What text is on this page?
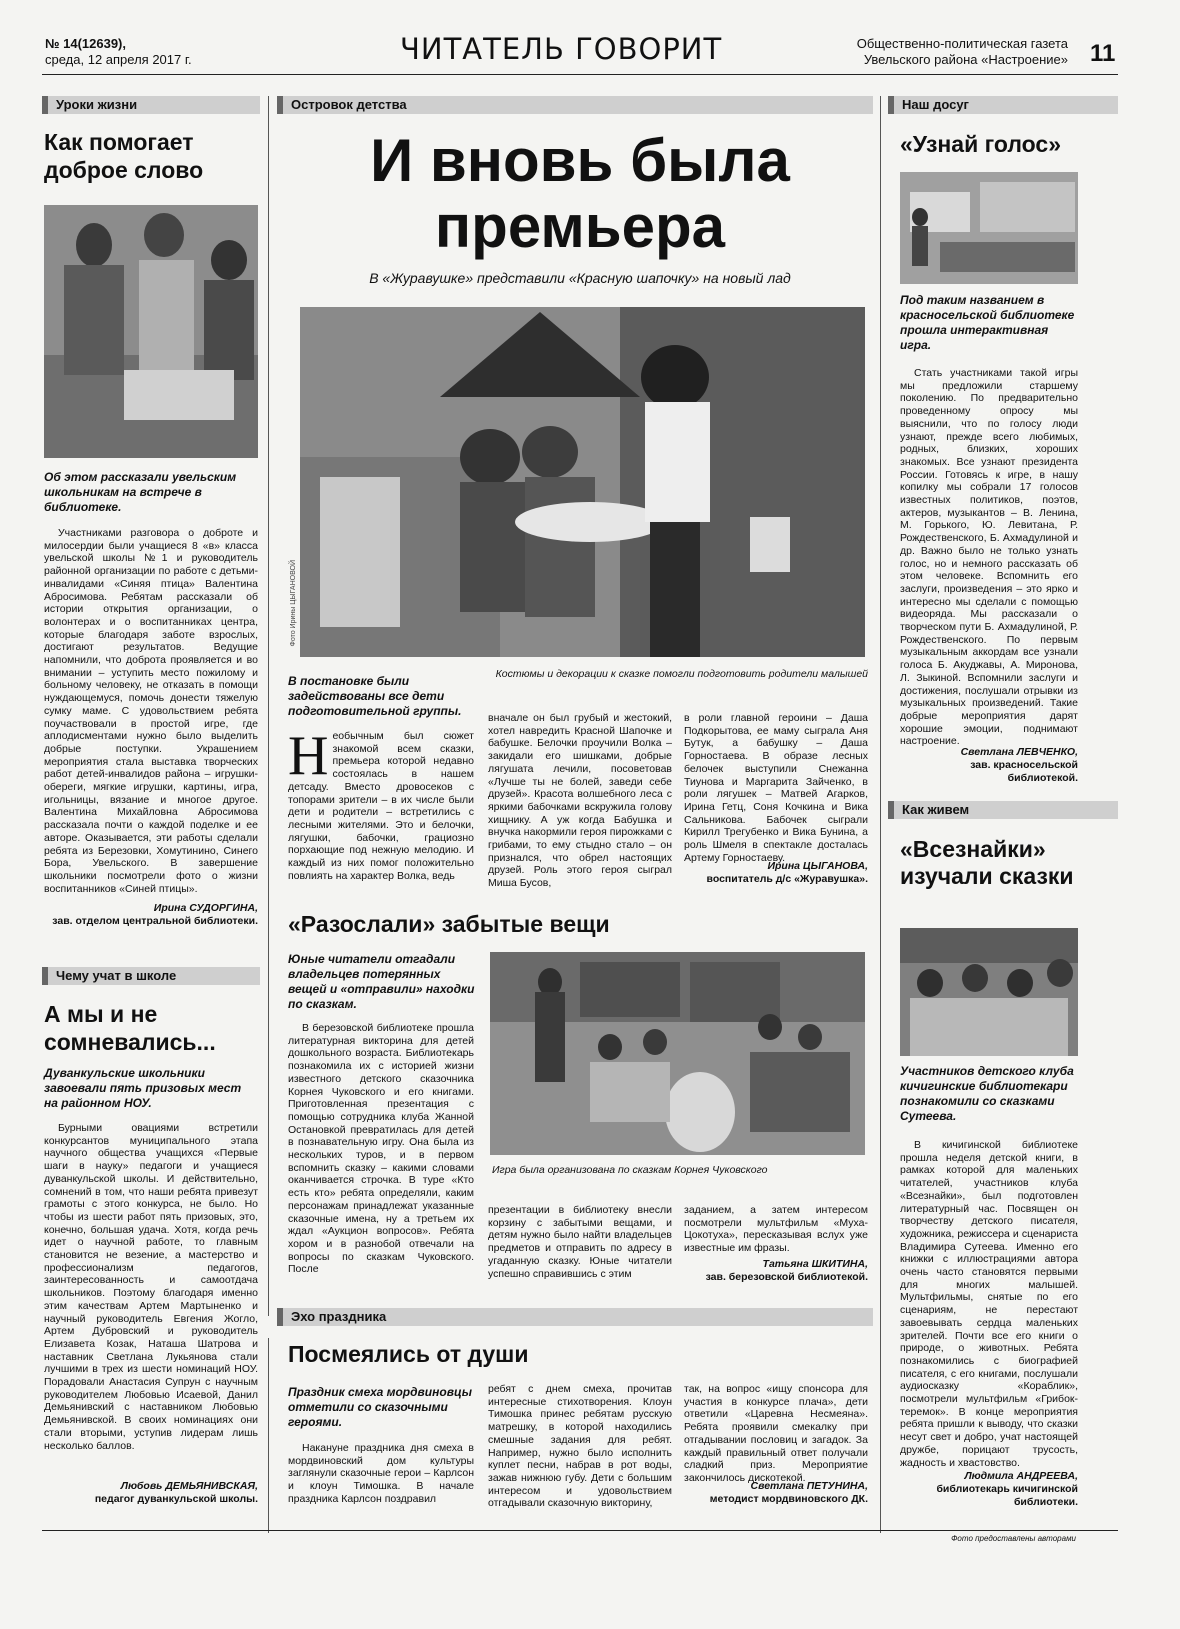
№ 14(12639),
среда, 12 апреля 2017 г.	ЧИТАТЕЛЬ ГОВОРИТ	Общественно-политическая газета
Увельского района «Настроение» 11
Уроки жизни
Как помогает доброе слово
Об этом рассказали увельским школьникам на встрече в библиотеке.

Участниками разговора о доброте и милосердии были учащиеся 8 «в» класса увельской школы №1 и руководитель районной организации по работе с детьми-инвалидами «Синяя птица» Валентина Абросимова. Ребятам рассказали об истории открытия организации, о волонтерах и о воспитанниках центра, которые благодаря заботе взрослых, достигают результатов. Ведущие напомнили, что доброта проявляется и во внимании – уступить место пожилому и больному человеку, не отказать в помощи нуждающемуся, помочь донести тяжелую сумку маме. С удовольствием ребята поучаствовали в простой игре, где аплодисментами нужно было выделить добрые поступки. Украшением мероприятия стала выставка творческих работ детей-инвалидов района – игрушки-обереги, мягкие игрушки, картины, игра, игольницы, вязание и многое другое. Валентина Михайловна Абросимова рассказала почти о каждой поделке и ее авторе. Оказывается, эти работы сделали ребята из Березовки, Хомутинино, Синего Бора, Увельского. В завершение школьники посмотрели фото о жизни воспитанников «Синей птицы».

Ирина СУДОРГИНА,
зав. отделом центральной библиотеки.
Чему учат в школе
А мы и не сомневались...
Дуванкульские школьники завоевали пять призовых мест на районном НОУ.

Бурными овациями встретили конкурсантов муниципального этапа научного общества учащихся «Первые шаги в науку» педагоги и учащиеся дуванкульской школы. И действительно, сомнений в том, что наши ребята привезут грамоты с этого конкурса, не было. Но чтобы из шести работ пять призовых, это, конечно, большая удача. Хотя, когда речь идет о научной работе, то главным становится не везение, а мастерство и профессионализм педагогов, заинтересованность и самоотдача школьников. Поэтому благодаря именно этим качествам Артем Мартыненко и научный руководитель Евгения Жогло, Артем Дубровский и руководитель Елизавета Козак, Наташа Шатрова и наставник Светлана Лукьянова стали лучшими в трех из шести номинаций НОУ. Порадовали Анастасия Супрун с научным руководителем Любовью Исаевой, Данил Демьянивский с наставником Любовью Демьянивской. В своих номинациях они стали вторыми, уступив лидерам лишь несколько баллов.

Любовь ДЕМЬЯНИВСКАЯ,
педагог дуванкульской школы.
Островок детства
И вновь была премьера
В «Журавушке» представили «Красную шапочку» на новый лад
Фото Ирины ЦЫГАНОВОЙ
Костюмы и декорации к сказке помогли подготовить родители малышей
В постановке были задействованы все дети подготовительной группы.
Необычным был сюжет знакомой всем сказки, премьера которой недавно состоялась в нашем детсаду. Вместо дровосеков с топорами зрители – в их числе были дети и родители – встретились с лесными жителями. Это и белочки, лягушки, бабочки, грациозно порхающие под нежную мелодию. И каждый из них помог положительно повлиять на характер Волка, ведь
вначале он был грубый и жестокий, хотел навредить Красной Шапочке и бабушке. Белочки проучили Волка – закидали его шишками, добрые лягушата лечили, посоветовав «Лучше ты не болей, заведи себе друзей». Красота волшебного леса с яркими бабочками вскружила голову хищнику. А уж когда Бабушка и внучка накормили героя пирожками с грибами, то ему стыдно стало – он признался, что обрел настоящих друзей. Роль этого героя сыграл Миша Бусов,
в роли главной героини – Даша Подкорытова, ее маму сыграла Аня Бутук, а бабушку – Даша Горностаева. В образе лесных белочек выступили Снежанна Тиунова и Маргарита Зайченко, в роли лягушек – Матвей Агарков, Ирина Гетц, Соня Кочкина и Вика Сальникова. Бабочек сыграли Кирилл Трегубенко и Вика Бунина, а роль Шмеля в спектакле досталась Артему Горностаеву.
Ирина ЦЫГАНОВА,
воспитатель д/с «Журавушка».
«Разослали» забытые вещи
Юные читатели отгадали владельцев потерянных вещей и «отправили» находки по сказкам.

В березовской библиотеке прошла литературная викторина для детей дошкольного возраста. Библиотекарь познакомила их с историей жизни известного детского сказочника Корнея Чуковского и его книгами. Приготовленная презентация с помощью сотрудника клуба Жанной Остановкой превратилась для детей в познавательную игру. Она была из нескольких туров, и в первом вспомнить сказку – какими словами оканчивается строчка. В туре «Кто есть кто» ребята определяли, каким персонажам принадлежат указанные сказочные имена, ну а третьем их ждал «Аукцион вопросов». Ребята хором и в разнобой отвечали на вопросы по сказкам Чуковского. После

Игра была организована по сказкам Корнея Чуковского
презентации в библиотеку внесли корзину с забытыми вещами, и детям нужно было найти владельцев предметов и отправить по адресу в угаданную сказку. Юные читатели успешно справившись с этим
заданием, а затем интересом посмотрели мультфильм «Муха-Цокотуха», пересказывая вслух уже известные им фразы.
Татьяна ШКИТИНА,
зав. березовской библиотекой.
Эхо праздника
Посмеялись от души
Праздник смеха мордвиновцы отметили со сказочными героями.

Накануне праздника дня смеха в мордвиновский дом культуры заглянули сказочные герои – Карлсон и клоун Тимошка. В начале праздника Карлсон поздравил

ребят с днем смеха, прочитав интересные стихотворения. Клоун Тимошка принес ребятам русскую матрешку, в которой находились смешные задания для ребят. Например, нужно было исполнить куплет песни, набрав в рот воды, зажав нижнюю губу. Дети с большим интересом и удовольствием отгадывали сказочную викторину,
так, на вопрос «ищу спонсора для участия в конкурсе плача», дети ответили «Царевна Несмеяна». Ребята проявили смекалку при отгадывании пословиц и загадок. За каждый правильный ответ получали сладкий приз. Мероприятие закончилось дискотекой.
Светлана ПЕТУНИНА,
методист мордвиновского ДК.
Наш досуг
«Узнай голос»
Под таким названием в красносельской библиотеке прошла интерактивная игра.

Стать участниками такой игры мы предложили старшему поколению. По предварительно проведенному опросу мы выяснили, что по голосу люди узнают, прежде всего любимых, родных, близких, хороших знакомых. Все узнают президента России. Готовясь к игре, в нашу копилку мы собрали 17 голосов известных политиков, поэтов, актеров, музыкантов – В. Ленина, М. Горького, Ю. Левитана, Р. Рождественского, Б. Ахмадулиной и др. Важно было не только узнать голос, но и немного рассказать об этом человеке. Вспомнить его заслуги, произведения – это ярко и интересно мы сделали с помощью видеоряда. Мы рассказали о творческом пути Б. Ахмадулиной, Р. Рождественского. По первым музыкальным аккордам все узнали голоса Б. Акуджавы, А. Миронова, Л. Зыкиной. Вспомнили заслуги и достижения, послушали отрывки из музыкальных произведений. Такие добрые мероприятия дарят хорошие эмоции, поднимают настроение.

Светлана ЛЕВЧЕНКО,
зав. красносельской библиотекой.
Как живем
«Всезнайки» изучали сказки
Участников детского клуба кичигинские библиотекари познакомили со сказками Сутеева.

В кичигинской библиотеке прошла неделя детской книги, в рамках которой для маленьких читателей, участников клуба «Всезнайки», был подготовлен литературный час. Посвящен он творчеству детского писателя, художника, режиссера и сценариста Владимира Сутеева. Именно его книжки с иллюстрациями автора очень часто становятся первыми для многих малышей. Мультфильмы, снятые по его сценариям, не перестают завоевывать сердца маленьких зрителей. Почти все его книги о природе, о животных. Ребята познакомились с биографией писателя, с его книгами, послушали аудиосказку «Кораблик», посмотрели мультфильм «Грибок-теремок». В конце мероприятия ребята пришли к выводу, что сказки несут свет и добро, учат настоящей дружбе, порицают трусость, жадность и хвастовство.

Людмила АНДРЕЕВА,
библиотекарь кичигинской библиотеки.
Фото предоставлены авторами
